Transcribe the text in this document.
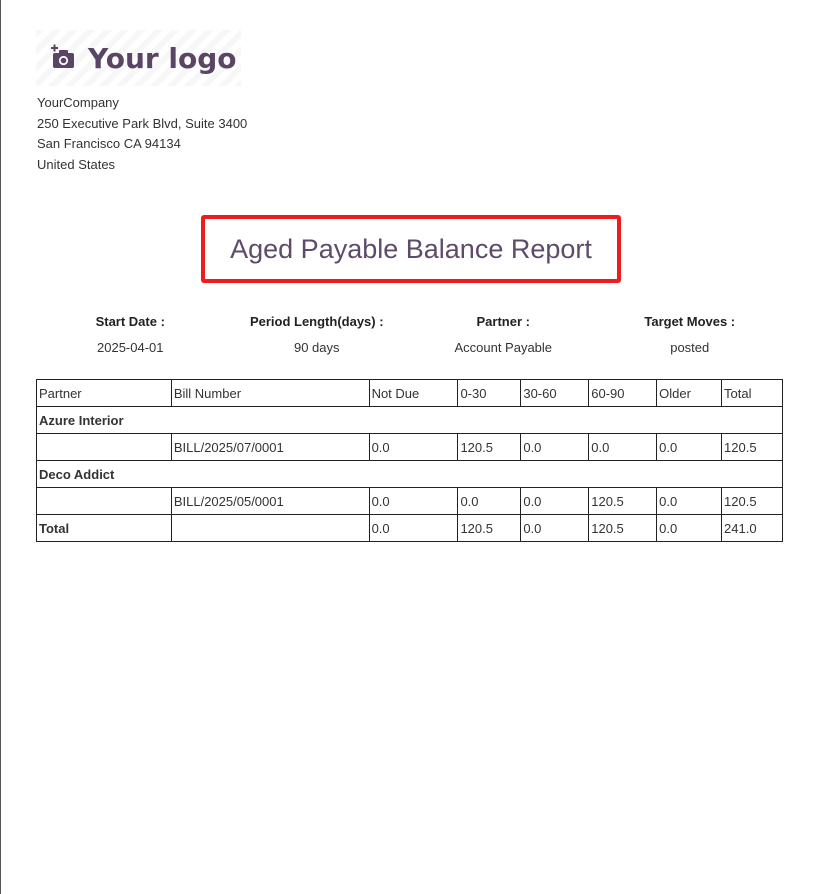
Your logo
YourCompany
250 Executive Park Blvd, Suite 3400
San Francisco CA 94134
United States
Aged Payable Balance Report
Start Date :
2025-04-01
Period Length(days) :
90 days
Partner :
Account Payable
Target Moves :
posted
Partner	Bill Number	Not Due	0-30	30-60	60-90	Older	Total
Azure Interior							
	BILL/2025/07/0001	0.0	120.5	0.0	0.0	0.0	120.5
Deco Addict							
	BILL/2025/05/0001	0.0	0.0	0.0	120.5	0.0	120.5
Total		0.0	120.5	0.0	120.5	0.0	241.0
